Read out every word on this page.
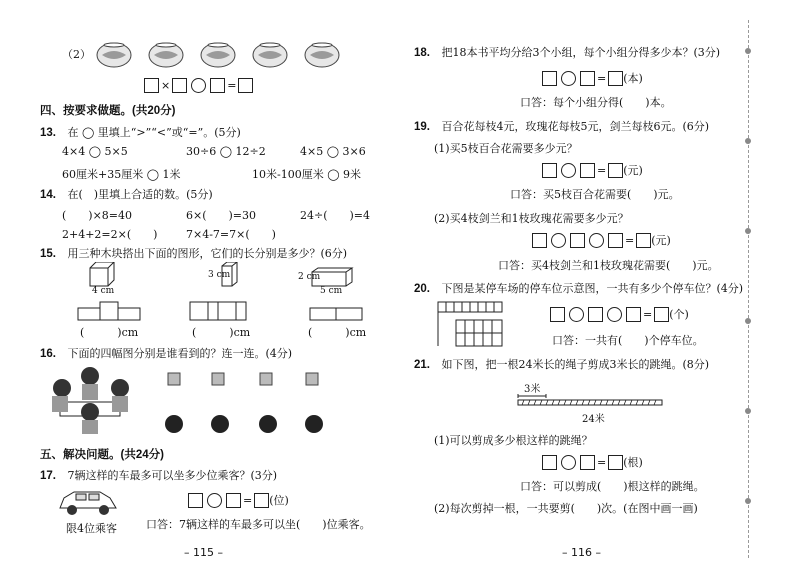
（2）
×	=
四、按要求做题。(共20分)
13. 在 ◯ 里填上“>”“<”或“=”。(5分)
4×4 ◯ 5×5	30÷6 ◯ 12÷2	4×5 ◯ 3×6
60厘米+35厘米 ◯ 1米	10米-100厘米 ◯ 9米
14. 在(　)里填上合适的数。(5分)
(　　)×8=40	6×(　　)=30	24÷(　　)=4
2+4+2=2×(　　)	7×4-7=7×(　　)
15. 用三种木块搭出下面的图形，它们的长分别是多少？(6分)
4 cm
3 cm	2 cm
5 cm
(　　　)cm	(　　　)cm	(　　　)cm
16. 下面的四幅图分别是谁看到的？连一连。(4分)
五、解决问题。(共24分)
17. 7辆这样的车最多可以坐多少位乘客？(3分)
限4位乘客
= (位)
口答：7辆这样的车最多可以坐(　　)位乘客。
– 115 –
18. 把18本书平均分给3个小组，每个小组分得多少本？(3分)
= (本)
口答：每个小组分得(　　)本。
19. 百合花每枝4元，玫瑰花每枝5元，剑兰每枝6元。(6分)
(1)买5枝百合花需要多少元？
= (元)
口答：买5枝百合花需要(　　)元。
(2)买4枝剑兰和1枝玫瑰花需要多少元？
= (元)
口答：买4枝剑兰和1枝玫瑰花需要(　　)元。
20. 下图是某停车场的停车位示意图，一共有多少个停车位？(4分)
= (个)
口答：一共有(　　)个停车位。
21. 如下图，把一根24米长的绳子剪成3米长的跳绳。(8分)
3米
24米
(1)可以剪成多少根这样的跳绳？
= (根)
口答：可以剪成(　　)根这样的跳绳。
(2)每次剪掉一根，一共要剪(　　)次。(在图中画一画)
– 116 –
